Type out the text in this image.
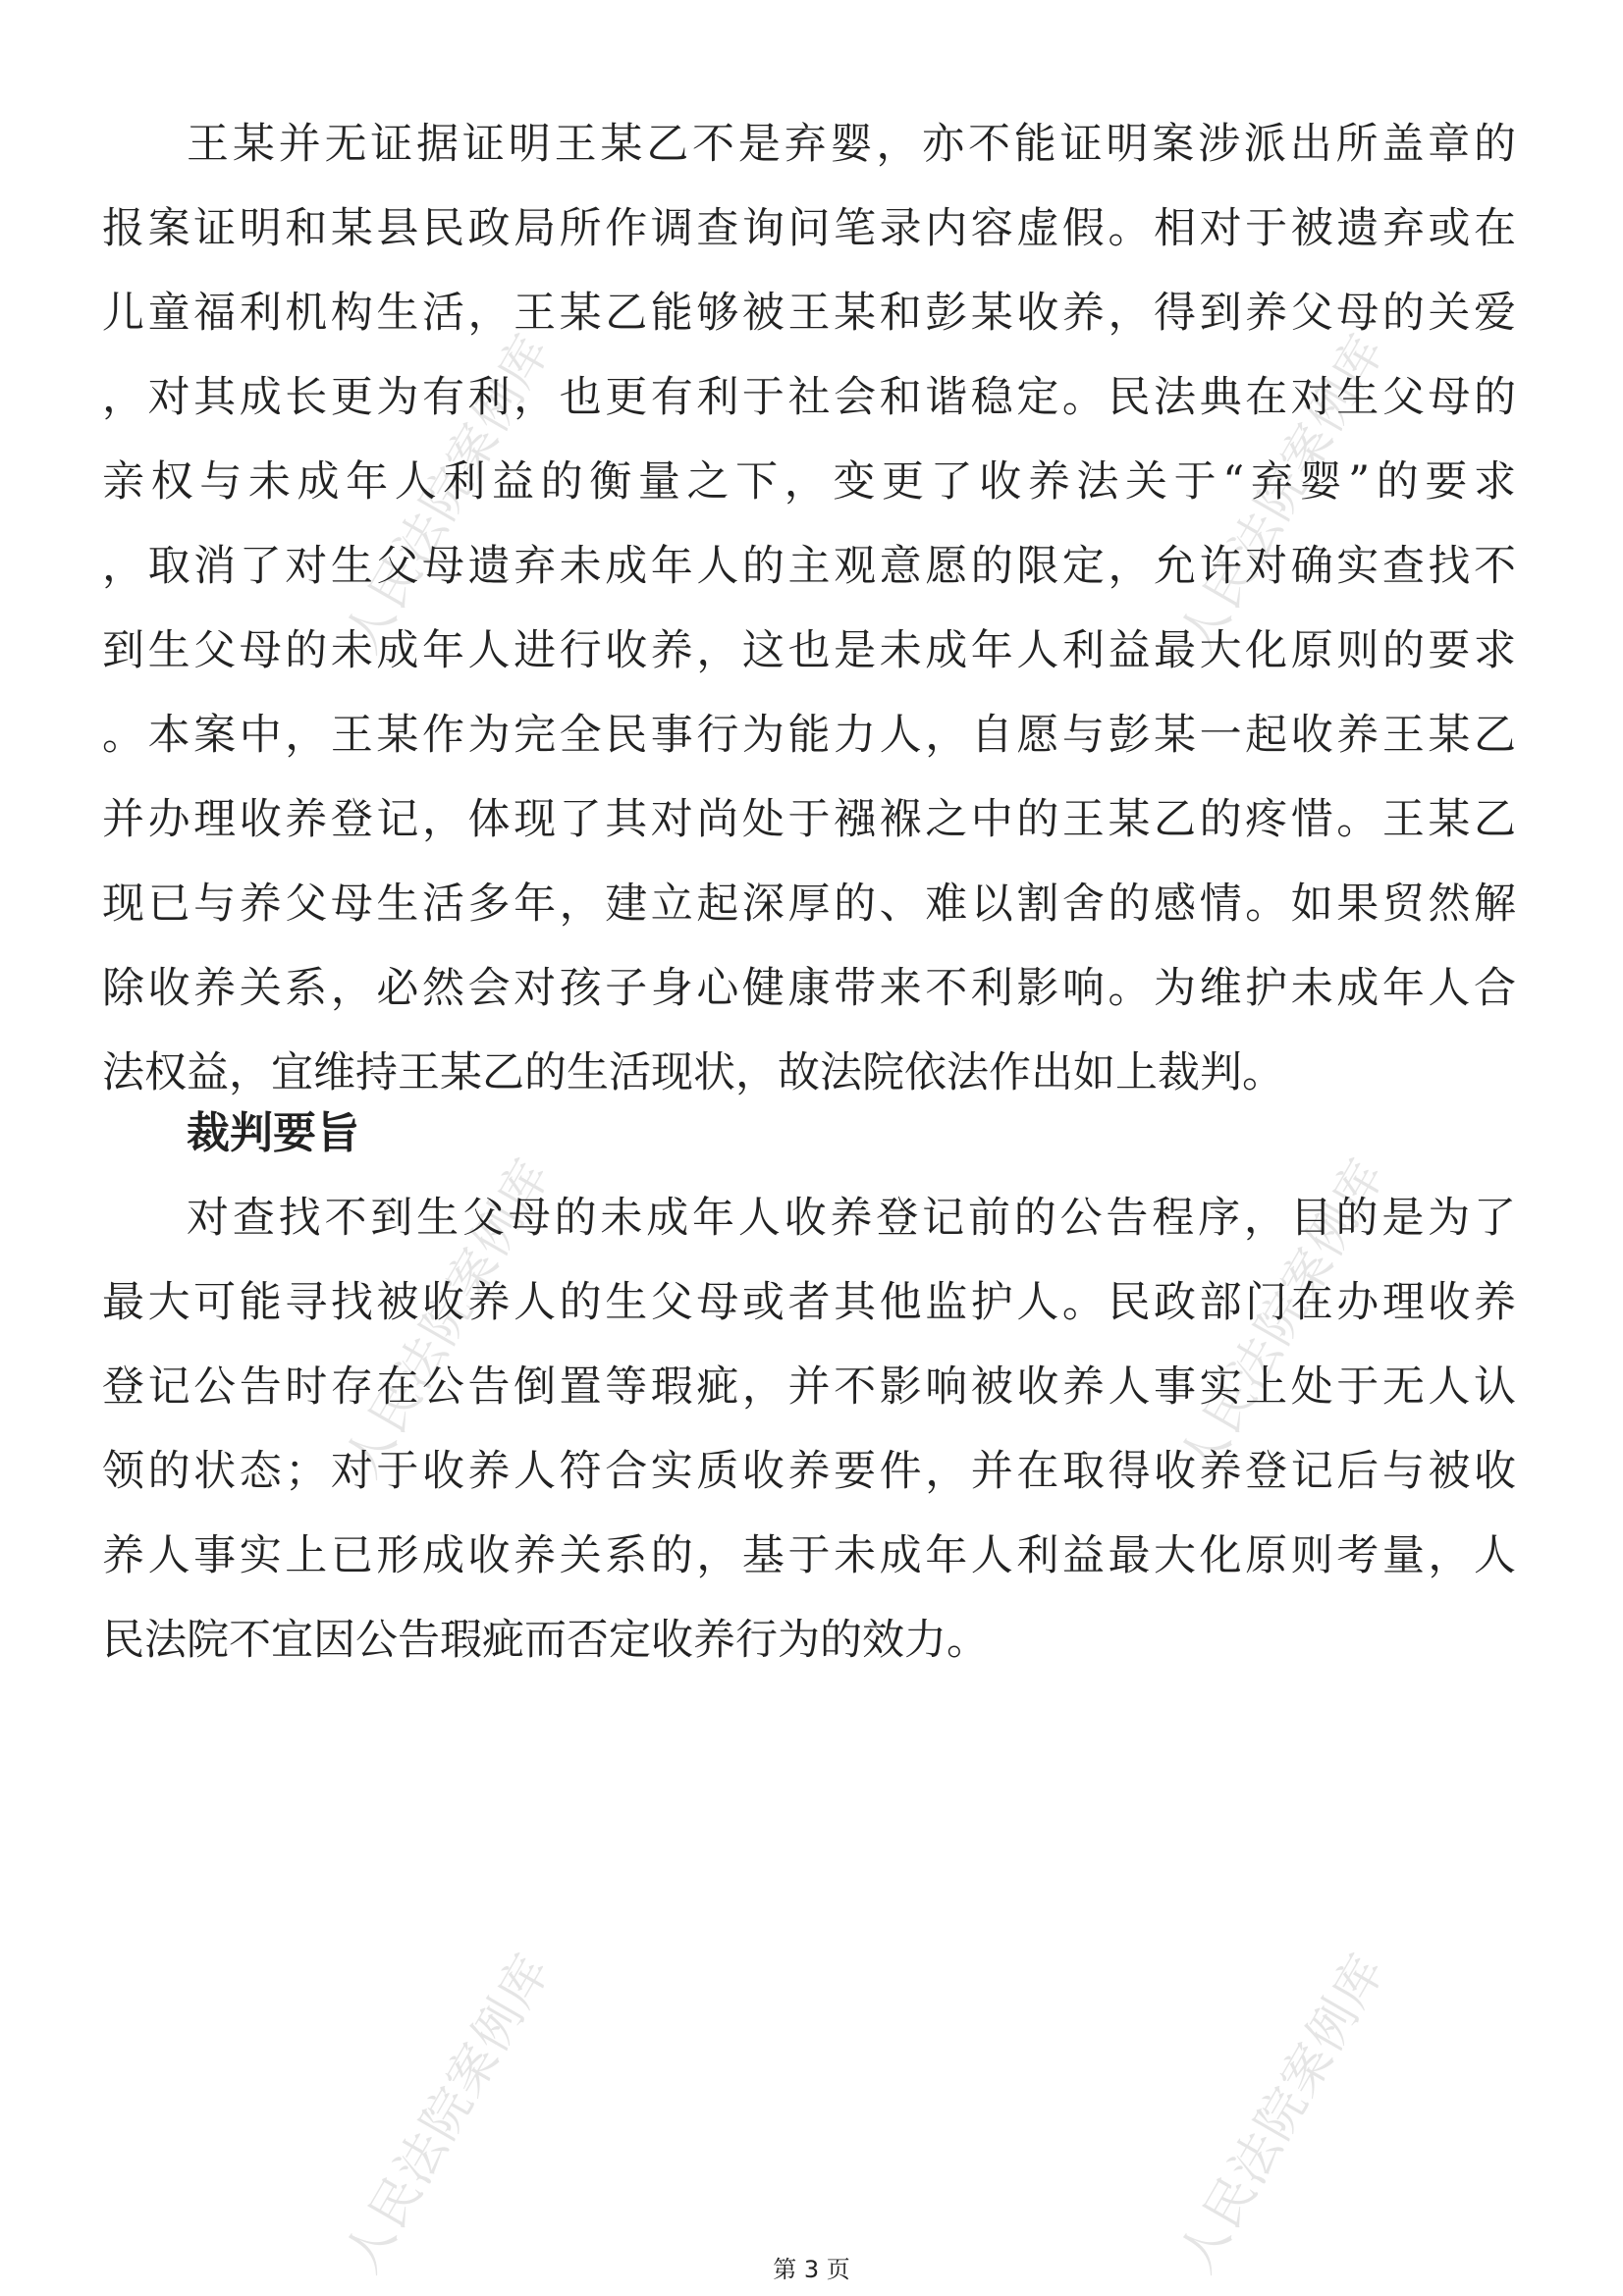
人民法院案例库	人民法院案例库
人民法院案例库	人民法院案例库
人民法院案例库	人民法院案例库
王某并无证据证明王某乙不是弃婴，亦不能证明案涉派出所盖章的
报案证明和某县民政局所作调查询问笔录内容虚假。相对于被遗弃或在
儿童福利机构生活，王某乙能够被王某和彭某收养，得到养父母的关爱
，对其成长更为有利，也更有利于社会和谐稳定。民法典在对生父母的
亲权与未成年人利益的衡量之下，变更了收养法关于“弃婴”的要求
，取消了对生父母遗弃未成年人的主观意愿的限定，允许对确实查找不
到生父母的未成年人进行收养，这也是未成年人利益最大化原则的要求
。本案中，王某作为完全民事行为能力人，自愿与彭某一起收养王某乙
并办理收养登记，体现了其对尚处于襁褓之中的王某乙的疼惜。王某乙
现已与养父母生活多年，建立起深厚的、难以割舍的感情。如果贸然解
除收养关系，必然会对孩子身心健康带来不利影响。为维护未成年人合
法权益，宜维持王某乙的生活现状，故法院依法作出如上裁判。
裁判要旨
对查找不到生父母的未成年人收养登记前的公告程序，目的是为了
最大可能寻找被收养人的生父母或者其他监护人。民政部门在办理收养
登记公告时存在公告倒置等瑕疵，并不影响被收养人事实上处于无人认
领的状态；对于收养人符合实质收养要件，并在取得收养登记后与被收
养人事实上已形成收养关系的，基于未成年人利益最大化原则考量，人
民法院不宜因公告瑕疵而否定收养行为的效力。
第 3 页
